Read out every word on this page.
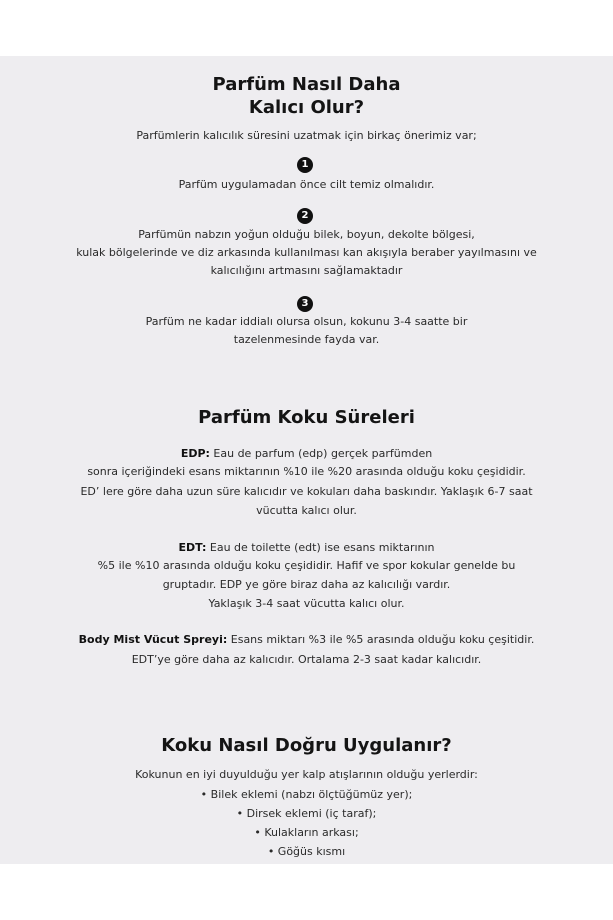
Parfüm Nasıl Daha
Kalıcı Olur?
Parfümlerin kalıcılık süresini uzatmak için birkaç önerimiz var;
1
Parfüm uygulamadan önce cilt temiz olmalıdır.
2
Parfümün nabzın yoğun olduğu bilek, boyun, dekolte bölgesi,
kulak bölgelerinde ve diz arkasında kullanılması kan akışıyla beraber yayılmasını ve
kalıcılığını artmasını sağlamaktadır
3
Parfüm ne kadar iddialı olursa olsun, kokunu 3-4 saatte bir
tazelenmesinde fayda var.
Parfüm Koku Süreleri
EDP: Eau de parfum (edp) gerçek parfümden
sonra içeriğindeki esans miktarının %10 ile %20 arasında olduğu koku çeşididir.
ED’ lere göre daha uzun süre kalıcıdır ve kokuları daha baskındır. Yaklaşık 6-7 saat
vücutta kalıcı olur.
EDT: Eau de toilette (edt) ise esans miktarının
%5 ile %10 arasında olduğu koku çeşididir. Hafif ve spor kokular genelde bu
gruptadır. EDP ye göre biraz daha az kalıcılığı vardır.
Yaklaşık 3-4 saat vücutta kalıcı olur.
Body Mist Vücut Spreyi: Esans miktarı %3 ile %5 arasında olduğu koku çeşitidir.
EDT’ye göre daha az kalıcıdır. Ortalama 2-3 saat kadar kalıcıdır.
Koku Nasıl Doğru Uygulanır?
Kokunun en iyi duyulduğu yer kalp atışlarının olduğu yerlerdir:
• Bilek eklemi (nabzı ölçtüğümüz yer);
• Dirsek eklemi (iç taraf);
• Kulakların arkası;
• Göğüs kısmı
